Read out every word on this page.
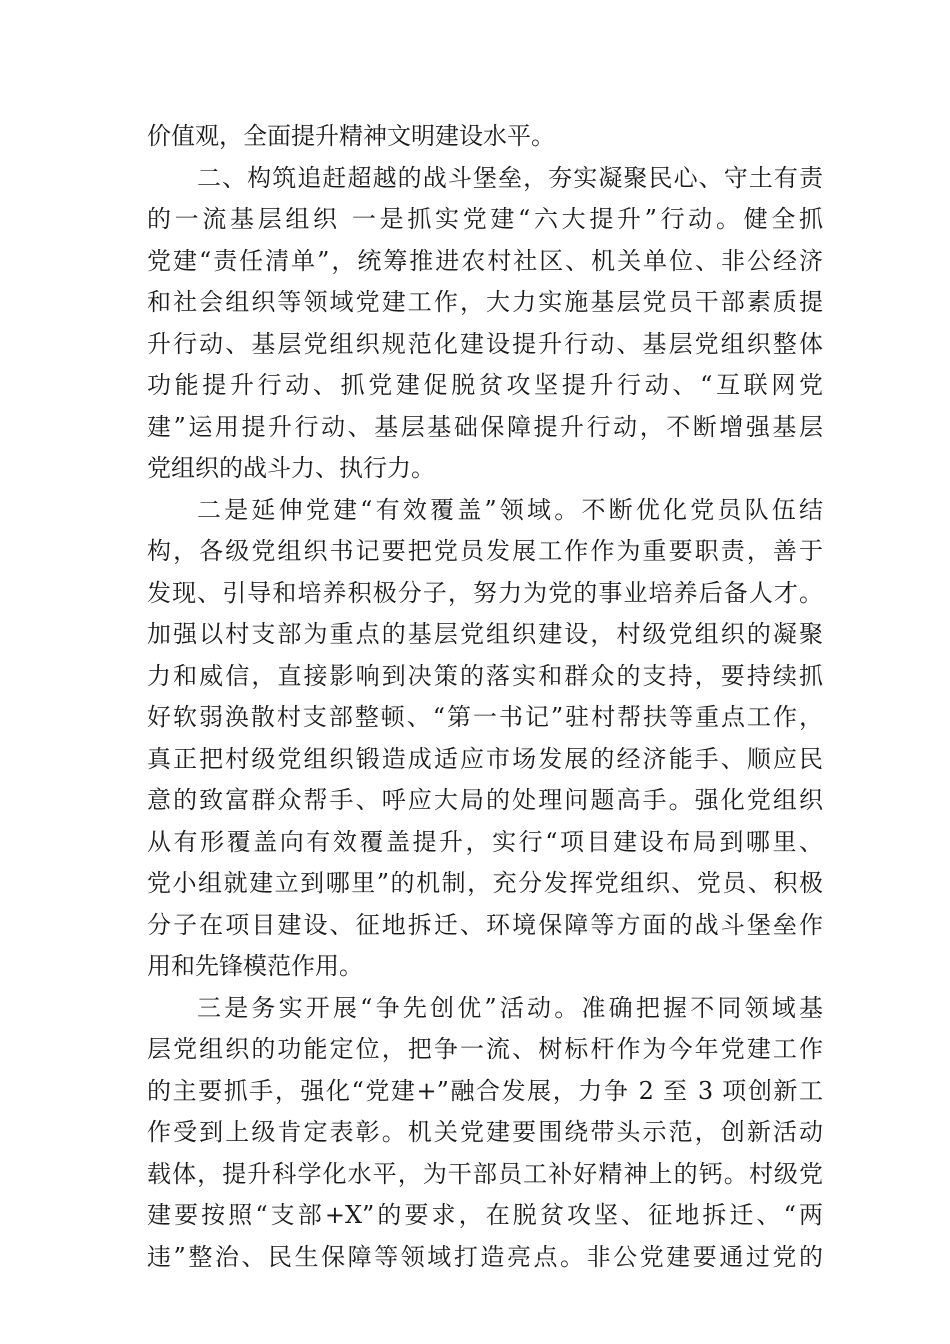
价值观，全面提升精神文明建设水平。
二、构筑追赶超越的战斗堡垒，夯实凝聚民心、守土有责
的一流基层组织 一是抓实党建“六大提升”行动。健全抓
党建“责任清单”，统筹推进农村社区、机关单位、非公经济
和社会组织等领域党建工作，大力实施基层党员干部素质提
升行动、基层党组织规范化建设提升行动、基层党组织整体
功能提升行动、抓党建促脱贫攻坚提升行动、“互联网党
建”运用提升行动、基层基础保障提升行动，不断增强基层
党组织的战斗力、执行力。
二是延伸党建“有效覆盖”领域。不断优化党员队伍结
构，各级党组织书记要把党员发展工作作为重要职责，善于
发现、引导和培养积极分子，努力为党的事业培养后备人才。
加强以村支部为重点的基层党组织建设，村级党组织的凝聚
力和威信，直接影响到决策的落实和群众的支持，要持续抓
好软弱涣散村支部整顿、“第一书记”驻村帮扶等重点工作，
真正把村级党组织锻造成适应市场发展的经济能手、顺应民
意的致富群众帮手、呼应大局的处理问题高手。强化党组织
从有形覆盖向有效覆盖提升，实行“项目建设布局到哪里、
党小组就建立到哪里”的机制，充分发挥党组织、党员、积极
分子在项目建设、征地拆迁、环境保障等方面的战斗堡垒作
用和先锋模范作用。
三是务实开展“争先创优”活动。准确把握不同领域基
层党组织的功能定位，把争一流、树标杆作为今年党建工作
的主要抓手，强化“党建+”融合发展，力争 2 至 3 项创新工
作受到上级肯定表彰。机关党建要围绕带头示范，创新活动
载体，提升科学化水平，为干部员工补好精神上的钙。村级党
建要按照“支部+X”的要求，在脱贫攻坚、征地拆迁、“两
违”整治、民生保障等领域打造亮点。非公党建要通过党的
